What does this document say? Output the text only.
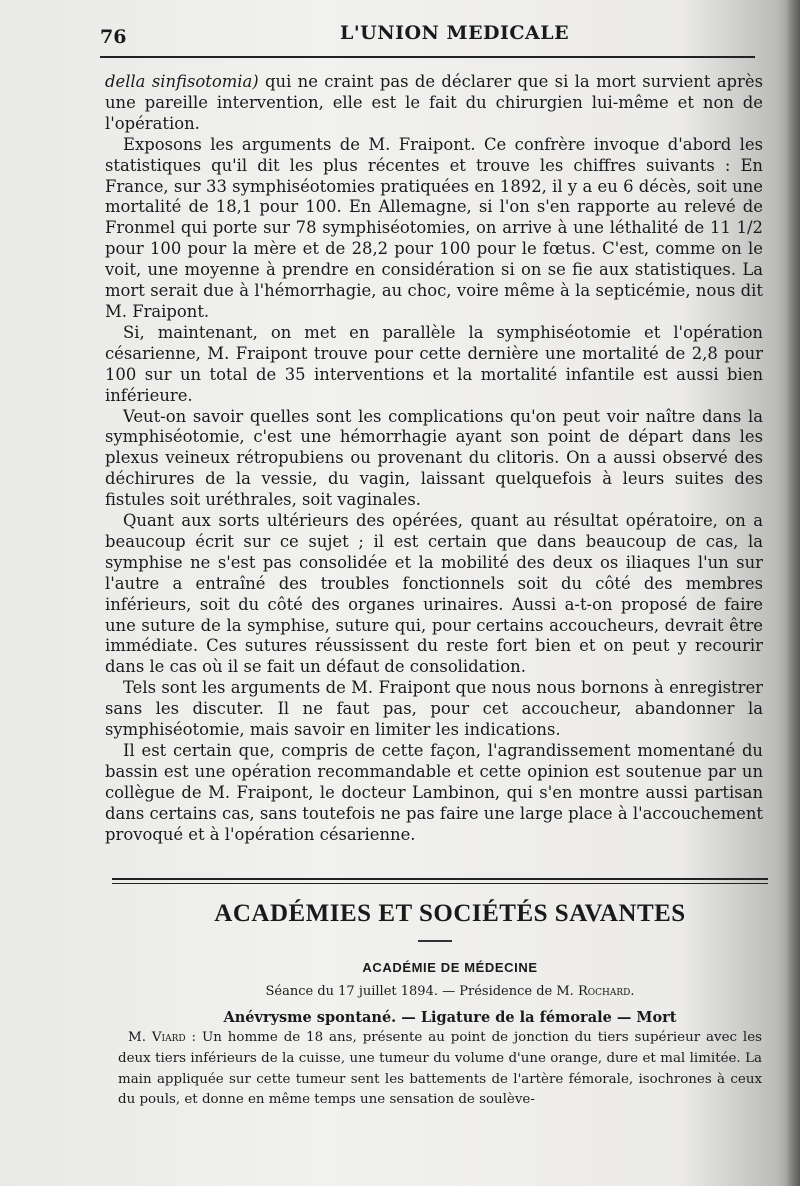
76	L'UNION MEDICALE

della sinfisotomia) qui ne craint pas de déclarer que si la mort survient après une pareille intervention, elle est le fait du chirurgien lui-même et non de l'opération.

Exposons les arguments de M. Fraipont. Ce confrère invoque d'abord les statistiques qu'il dit les plus récentes et trouve les chiffres suivants : En France, sur 33 symphiséotomies pratiquées en 1892, il y a eu 6 décès, soit une mortalité de 18,1 pour 100. En Allemagne, si l'on s'en rapporte au relevé de Fronmel qui porte sur 78 symphiséotomies, on arrive à une léthalité de 11 1/2 pour 100 pour la mère et de 28,2 pour 100 pour le fœtus. C'est, comme on le voit, une moyenne à prendre en considération si on se fie aux statistiques. La mort serait due à l'hémorrhagie, au choc, voire même à la septicémie, nous dit M. Fraipont.

Si, maintenant, on met en parallèle la symphiséotomie et l'opération césarienne, M. Fraipont trouve pour cette dernière une mortalité de 2,8 pour 100 sur un total de 35 interventions et la mortalité infantile est aussi bien inférieure.

Veut-on savoir quelles sont les complications qu'on peut voir naître dans la symphiséotomie, c'est une hémorrhagie ayant son point de départ dans les plexus veineux rétropubiens ou provenant du clitoris. On a aussi observé des déchirures de la vessie, du vagin, laissant quelquefois à leurs suites des fistules soit uréthrales, soit vaginales.

Quant aux sorts ultérieurs des opérées, quant au résultat opératoire, on a beaucoup écrit sur ce sujet ; il est certain que dans beaucoup de cas, la symphise ne s'est pas consolidée et la mobilité des deux os iliaques l'un sur l'autre a entraîné des troubles fonctionnels soit du côté des membres inférieurs, soit du côté des organes urinaires. Aussi a-t-on proposé de faire une suture de la symphise, suture qui, pour certains accoucheurs, devrait être immédiate. Ces sutures réussissent du reste fort bien et on peut y recourir dans le cas où il se fait un défaut de consolidation.

Tels sont les arguments de M. Fraipont que nous nous bornons à enregistrer sans les discuter. Il ne faut pas, pour cet accoucheur, abandonner la symphiséotomie, mais savoir en limiter les indications.

Il est certain que, compris de cette façon, l'agrandissement momentané du bassin est une opération recommandable et cette opinion est soutenue par un collègue de M. Fraipont, le docteur Lambinon, qui s'en montre aussi partisan dans certains cas, sans toutefois ne pas faire une large place à l'accouchement provoqué et à l'opération césarienne.

ACADÉMIES ET SOCIÉTÉS SAVANTES
ACADÉMIE DE MÉDECINE
Séance du 17 juillet 1894. — Présidence de M. Rochard.
Anévrysme spontané. — Ligature de la fémorale — Mort

M. Viard : Un homme de 18 ans, présente au point de jonction du tiers supérieur avec les deux tiers inférieurs de la cuisse, une tumeur du volume d'une orange, dure et mal limitée. La main appliquée sur cette tumeur sent les battements de l'artère fémorale, isochrones à ceux du pouls, et donne en même temps une sensation de soulève-
